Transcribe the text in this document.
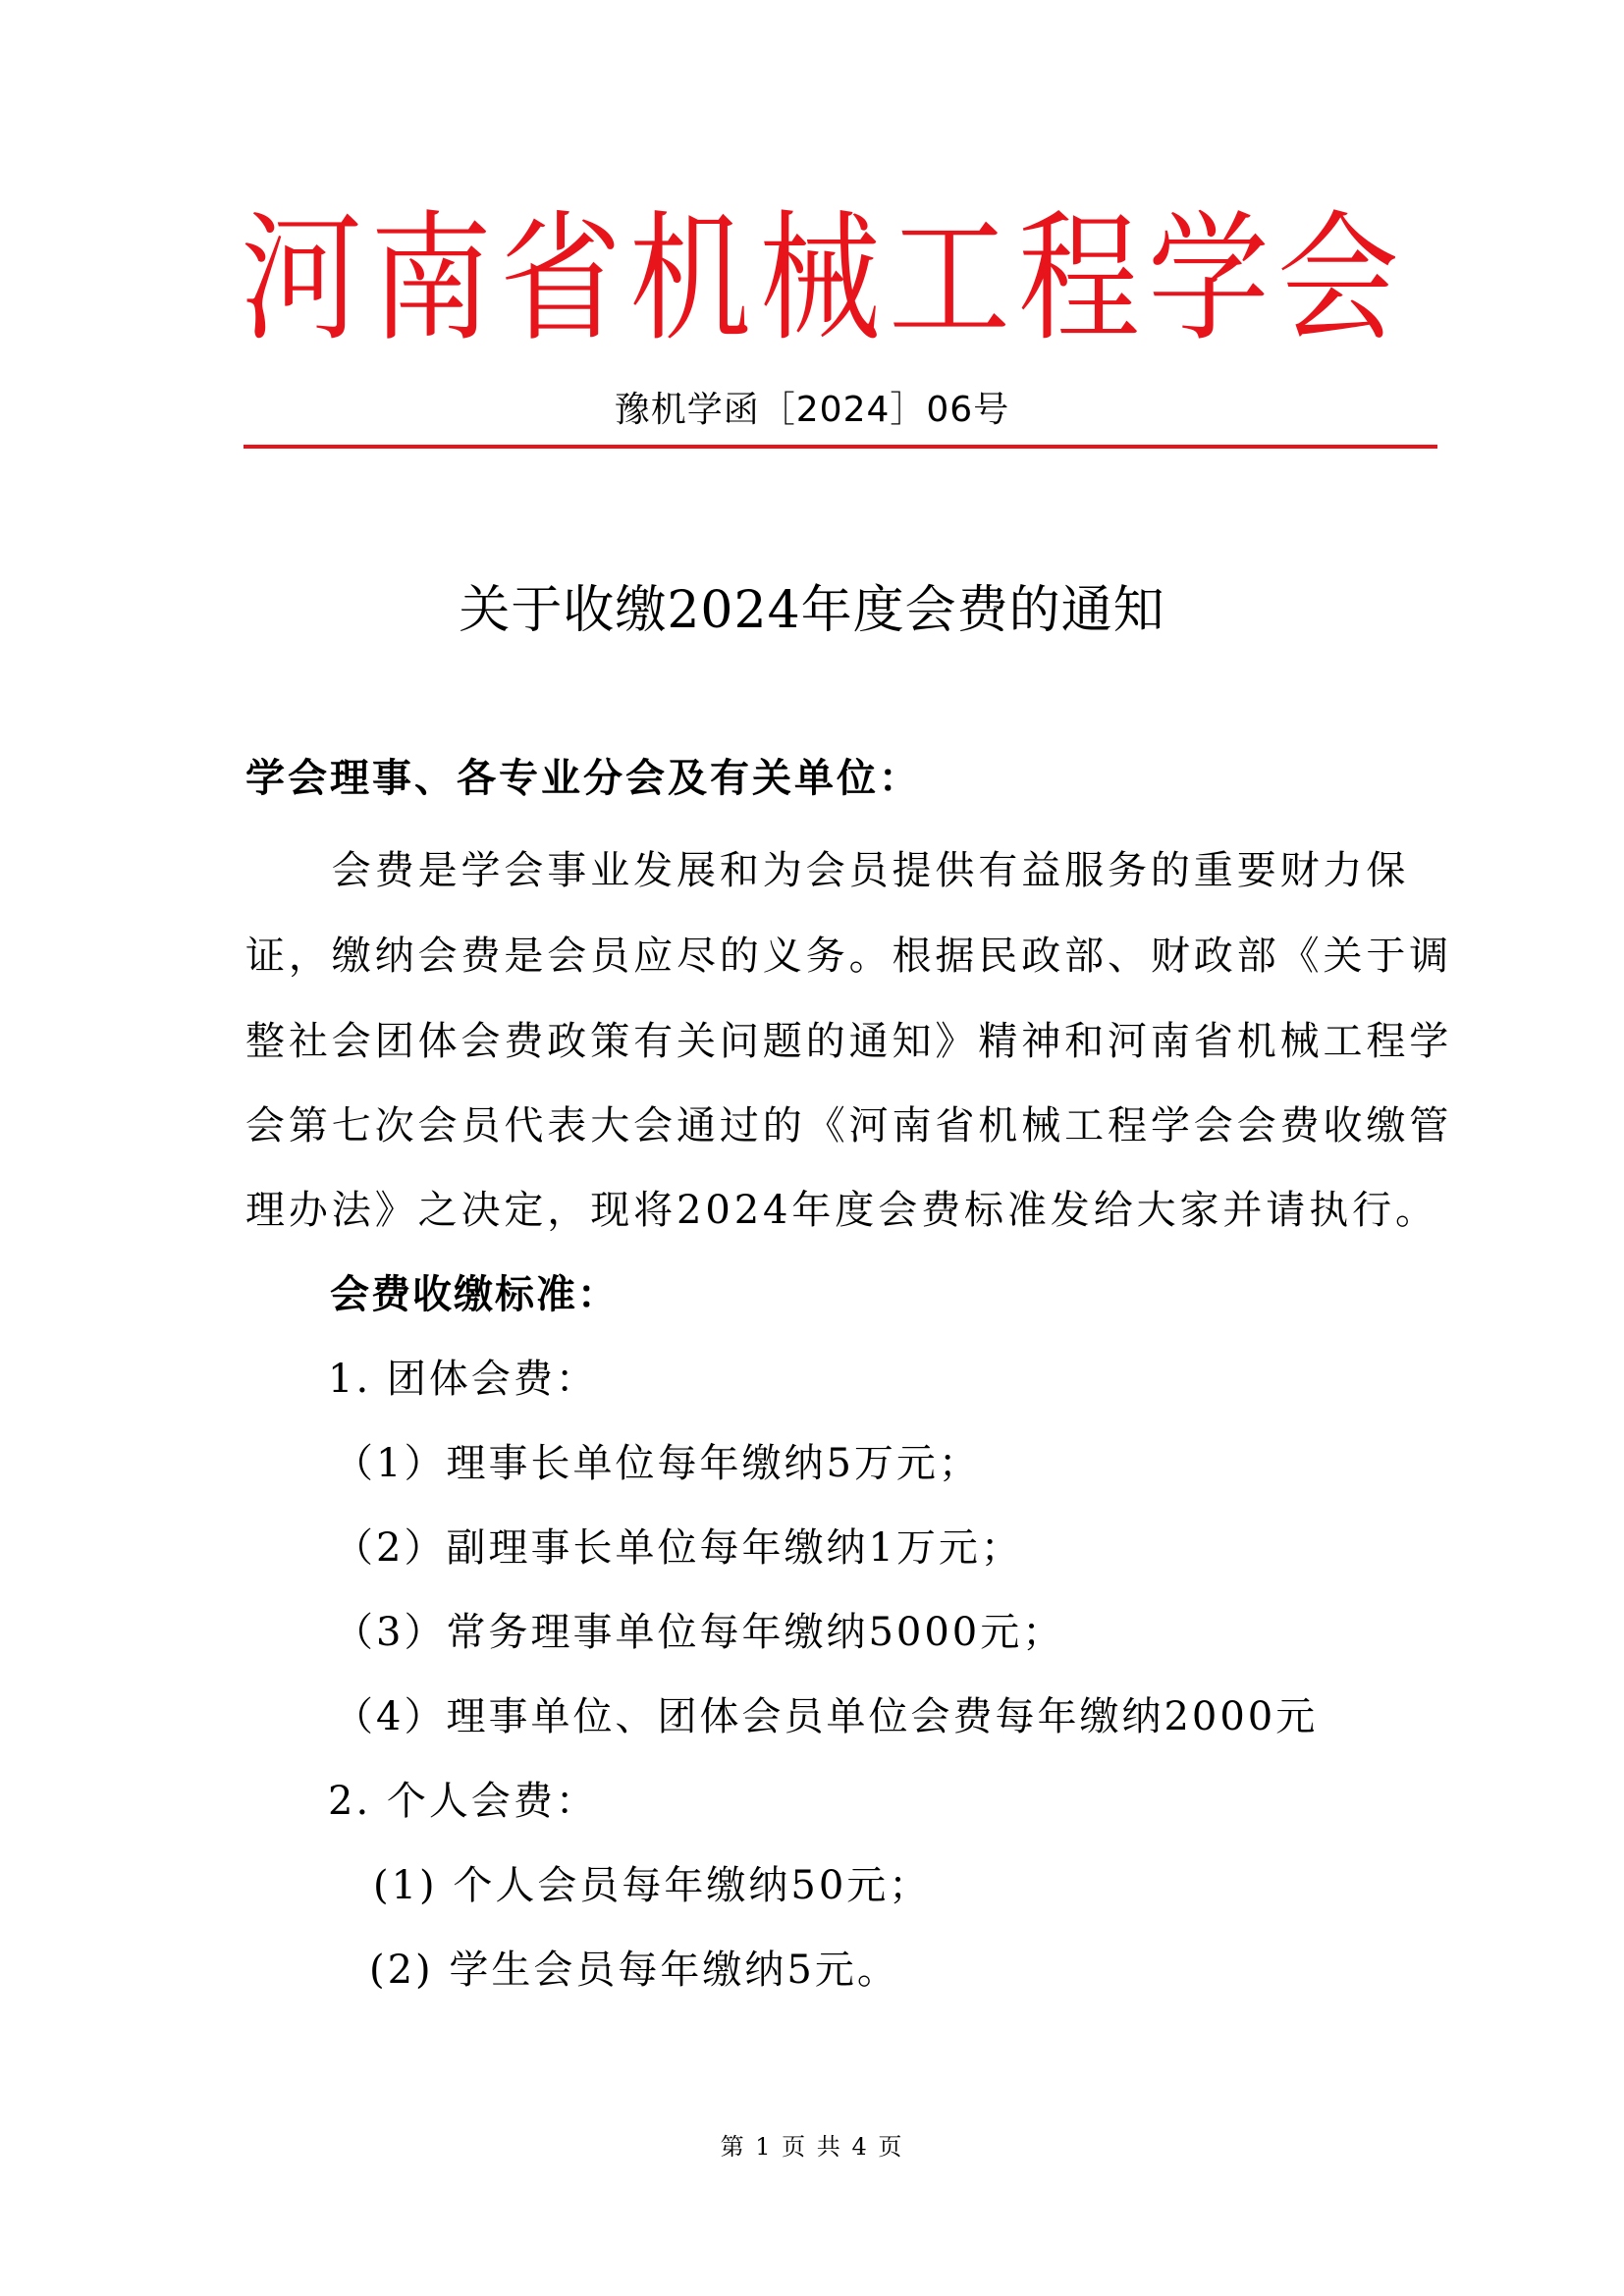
河 南 省 机 械 工 程 学 会
豫机学函［2024］06号
关于收缴2024年度会费的通知
学会理事、各专业分会及有关单位：
　　会费是学会事业发展和为会员提供有益服务的重要财力保
证，缴纳会费是会员应尽的义务。根据民政部、财政部《关于调
整社会团体会费政策有关问题的通知》精神和河南省机械工程学
会第七次会员代表大会通过的《河南省机械工程学会会费收缴管
理办法》之决定，现将2024年度会费标准发给大家并请执行。
会费收缴标准：
1. 团体会费：
（1）理事长单位每年缴纳5万元；
（2）副理事长单位每年缴纳1万元；
（3）常务理事单位每年缴纳5000元；
（4）理事单位、团体会员单位会费每年缴纳2000元
2. 个人会费：
(1) 个人会员每年缴纳50元；
(2) 学生会员每年缴纳5元。
第 1 页 共 4 页
